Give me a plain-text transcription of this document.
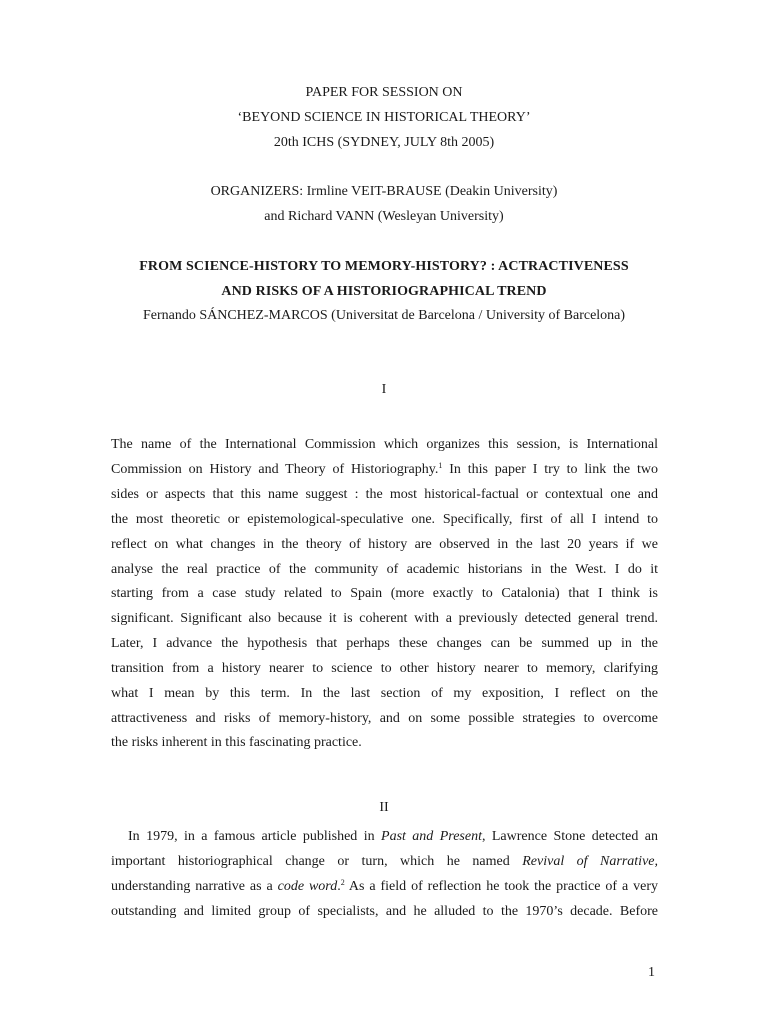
PAPER FOR SESSION ON
‘BEYOND SCIENCE IN HISTORICAL THEORY’
20th ICHS (SYDNEY, JULY 8th 2005)
ORGANIZERS: Irmline VEIT-BRAUSE (Deakin University)
and Richard VANN (Wesleyan University)
FROM SCIENCE-HISTORY TO MEMORY-HISTORY? : ACTRACTIVENESS
AND RISKS OF A HISTORIOGRAPHICAL TREND
Fernando SÁNCHEZ-MARCOS (Universitat de Barcelona / University of Barcelona)
I
The name of the International Commission which organizes this session, is International
Commission on History and Theory of Historiography.$^1$ In this paper I try to link the two
sides or aspects that this name suggest : the most historical-factual or contextual one and
the most theoretic or epistemological-speculative one. Specifically, first of all I intend to
reflect on what changes in the theory of history are observed in the last 20 years if we
analyse the real practice of the community of academic historians in the West. I do it
starting from a case study related to Spain (more exactly to Catalonia) that I think is
significant. Significant also because it is coherent with a previously detected general trend.
Later, I advance the hypothesis that perhaps these changes can be summed up in the
transition from a history nearer to science to other history nearer to memory, clarifying
what I mean by this term. In the last section of my exposition, I reflect on the
attractiveness and risks of memory-history, and on some possible strategies to overcome
the risks inherent in this fascinating practice.
II
In 1979, in a famous article published in Past and Present, Lawrence Stone detected an
important historiographical change or turn, which he named Revival of Narrative,
understanding narrative as a code word.$^2$ As a field of reflection he took the practice of a very
outstanding and limited group of specialists, and he alluded to the 1970’s decade. Before
1
